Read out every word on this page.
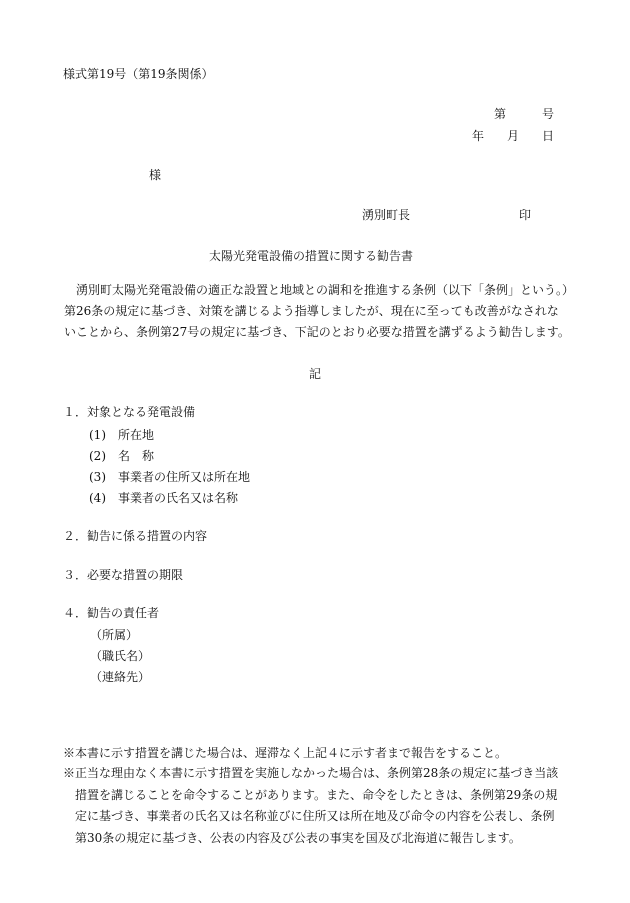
様式第19号（第19条関係）
第	号
年 月 日
様
湧別町長	印
太陽光発電設備の措置に関する勧告書
湧別町太陽光発電設備の適正な設置と地域との調和を推進する条例（以下「条例」という。）
第26条の規定に基づき、対策を講じるよう指導しましたが、現在に至っても改善がなされな
いことから、条例第27号の規定に基づき、下記のとおり必要な措置を講ずるよう勧告します。
記
１．対象となる発電設備
(1) 所在地
(2) 名　称
(3) 事業者の住所又は所在地
(4) 事業者の氏名又は名称
２．勧告に係る措置の内容
３．必要な措置の期限
４．勧告の責任者
（所属）
（職氏名）
（連絡先）
※本書に示す措置を講じた場合は、遅滞なく上記４に示す者まで報告をすること。
※正当な理由なく本書に示す措置を実施しなかった場合は、条例第28条の規定に基づき当該
措置を講じることを命令することがあります。また、命令をしたときは、条例第29条の規
定に基づき、事業者の氏名又は名称並びに住所又は所在地及び命令の内容を公表し、条例
第30条の規定に基づき、公表の内容及び公表の事実を国及び北海道に報告します。
